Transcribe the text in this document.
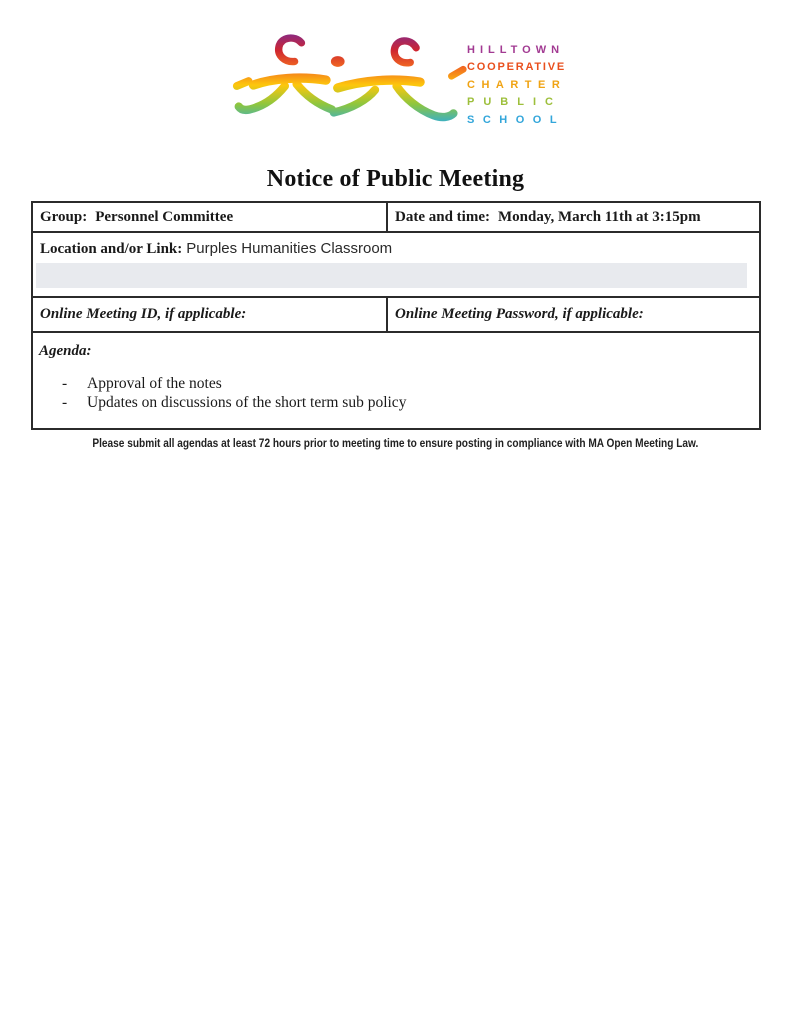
HILLTOWN
COOPERATIVE
CHARTER
PUBLIC
SCHOOL
Notice of Public Meeting
Group: Personnel Committee	Date and time: Monday, March 11th at 3:15pm
Location and/or Link: Purples Humanities Classroom
Online Meeting ID, if applicable:	Online Meeting Password, if applicable:
Agenda:
-	Approval of the notes
-	Updates on discussions of the short term sub policy
Please submit all agendas at least 72 hours prior to meeting time to ensure posting in compliance with MA Open Meeting Law.
